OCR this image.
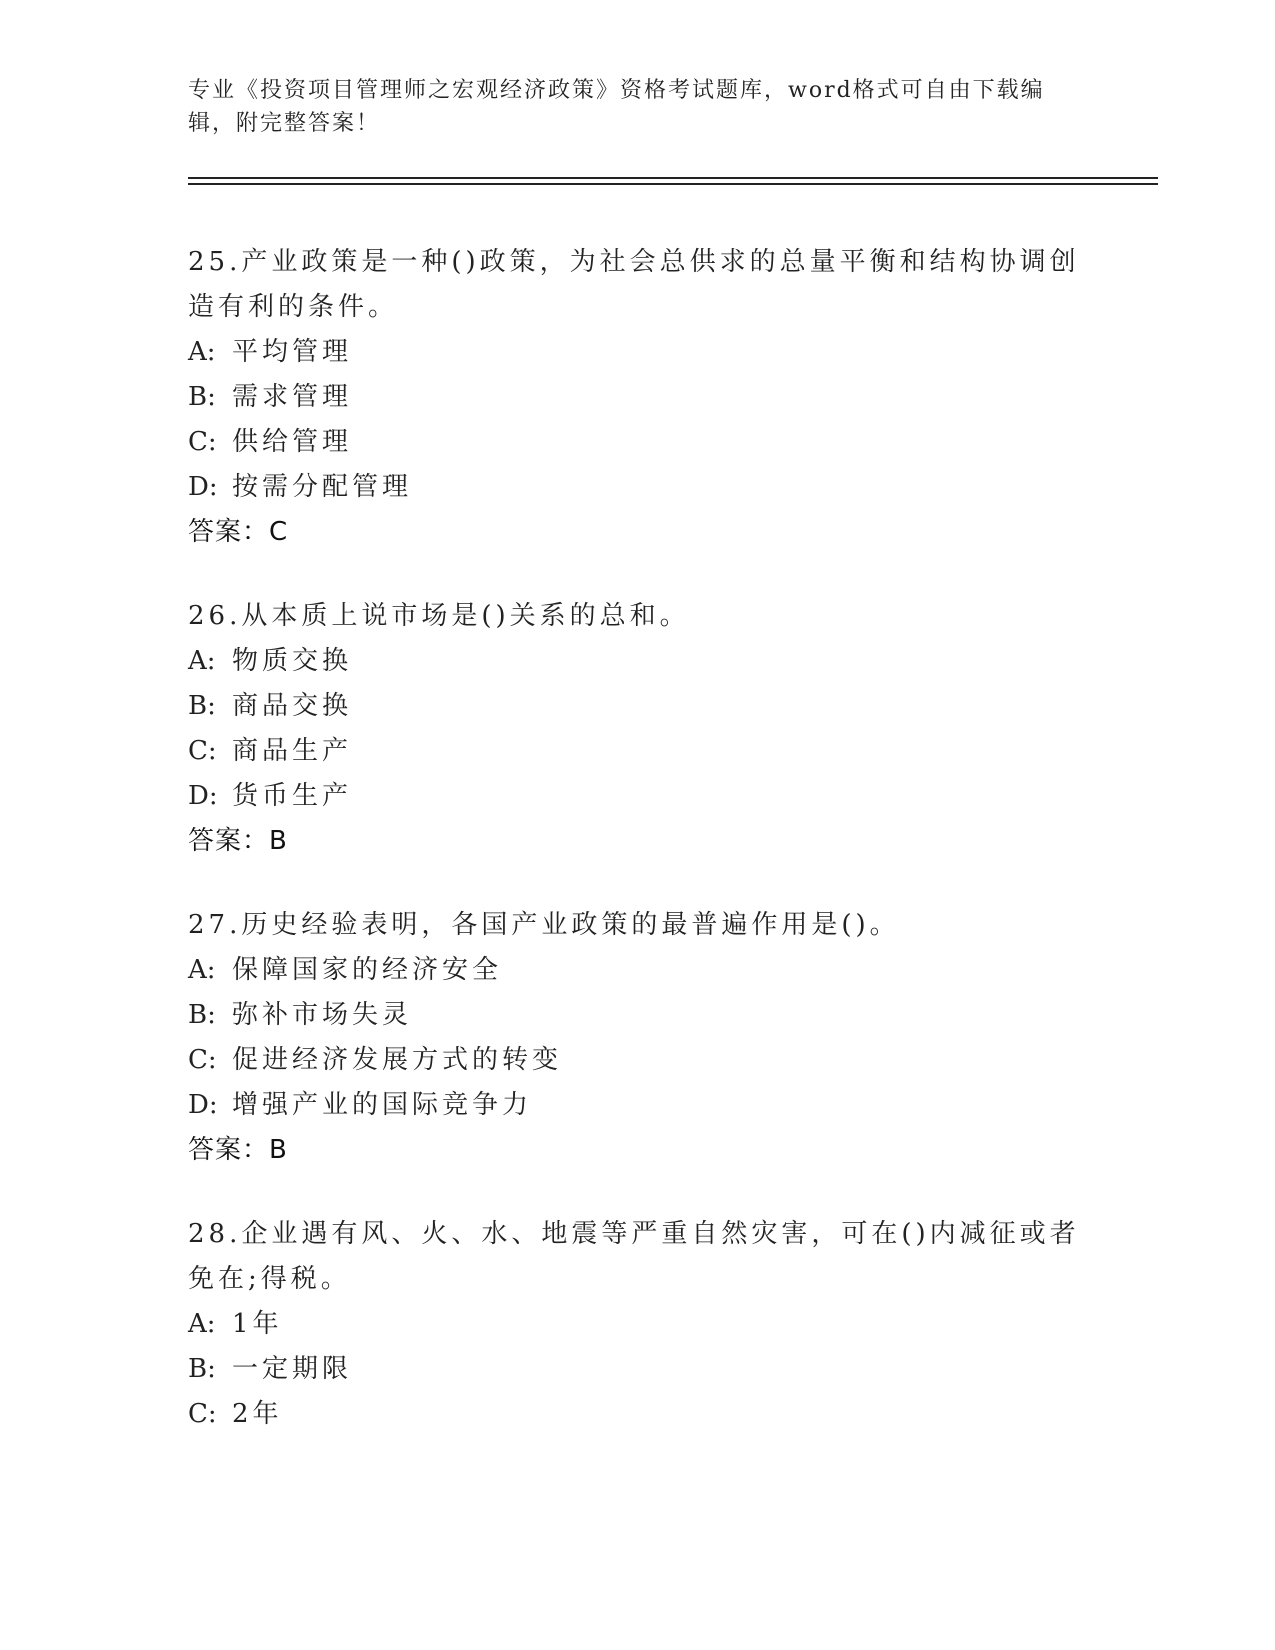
专业《投资项目管理师之宏观经济政策》资格考试题库，word格式可自由下载编辑，附完整答案！
25.产业政策是一种()政策，为社会总供求的总量平衡和结构协调创造有利的条件。
A: 平均管理
B: 需求管理
C: 供给管理
D: 按需分配管理
答案：C
26.从本质上说市场是()关系的总和。
A: 物质交换
B: 商品交换
C: 商品生产
D: 货币生产
答案：B
27.历史经验表明，各国产业政策的最普遍作用是()。
A: 保障国家的经济安全
B: 弥补市场失灵
C: 促进经济发展方式的转变
D: 增强产业的国际竞争力
答案：B
28.企业遇有风、火、水、地震等严重自然灾害，可在()内减征或者免在;得税。
A: 1年
B: 一定期限
C: 2年
